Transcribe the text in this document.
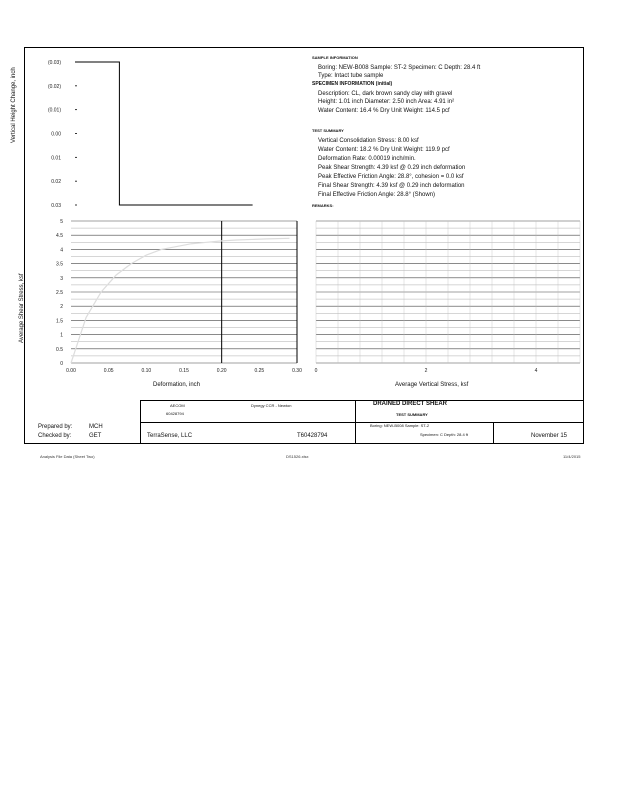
Vertical Height Change, inch
(0.03)
(0.02)
(0.01)
0.00
0.01
0.02
0.03
SAMPLE INFORMATION
Boring: NEW-B008 Sample: ST-2 Specimen: C Depth: 28.4 ft
Type: Intact tube sample
SPECIMEN INFORMATION (initial)
Description: CL, dark brown sandy clay with gravel
Height: 1.01 inch Diameter: 2.50 inch Area: 4.91 in²
Water Content: 16.4 % Dry Unit Weight: 114.5 pcf
TEST SUMMARY
Vertical Consolidation Stress: 8.00 ksf
Water Content: 18.2 % Dry Unit Weight: 119.9 pcf
Deformation Rate: 0.00019 inch/min.
Peak Shear Strength: 4.39 ksf @ 0.29 inch deformation
Peak Effective Friction Angle: 28.8°, cohesion = 0.0 ksf
Final Shear Strength: 4.39 ksf @ 0.29 inch deformation
Final Effective Friction Angle: 28.8° (Shown)
REMARKS:
Average Shear Stress, ksf
0
0.5
1
1.5
2
2.5
3
3.5
4
4.5
5
0.00	0.05	0.10	0.15	0.20	0.25	0.30
Deformation, inch
0	2	4
Average Vertical Stress, ksf
AECOM
60428794
Dynegy CCR - Newton	DRAINED DIRECT SHEAR
TEST SUMMARY
Boring: NEW-B008 Sample: ST-2
Specimen: C Depth: 28.4 ft
Prepared by:	MCH
Checked by:	GET	TerraSense, LLC	T60428794	November 15
Analysis File Data (Sheet Two)	DS1526.xlsx	11/4/2015
